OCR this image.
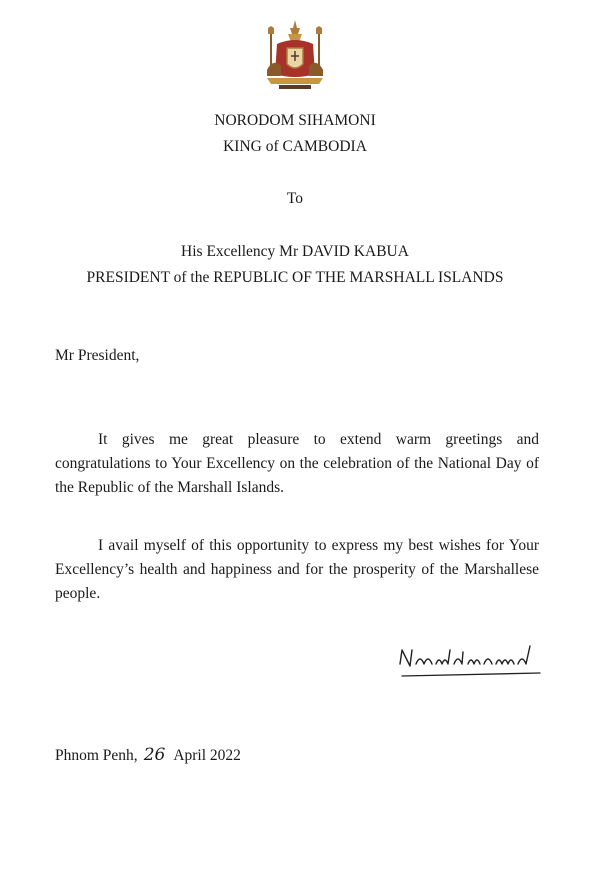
NORODOM SIHAMONI
KING of CAMBODIA
To
His Excellency Mr DAVID KABUA
PRESIDENT of the REPUBLIC OF THE MARSHALL ISLANDS
Mr President,
It gives me great pleasure to extend warm greetings and congratulations to Your Excellency on the celebration of the National Day of the Republic of the Marshall Islands.
I avail myself of this opportunity to express my best wishes for Your Excellency’s health and happiness and for the prosperity of the Marshallese people.
Phnom Penh, 26 April 2022
